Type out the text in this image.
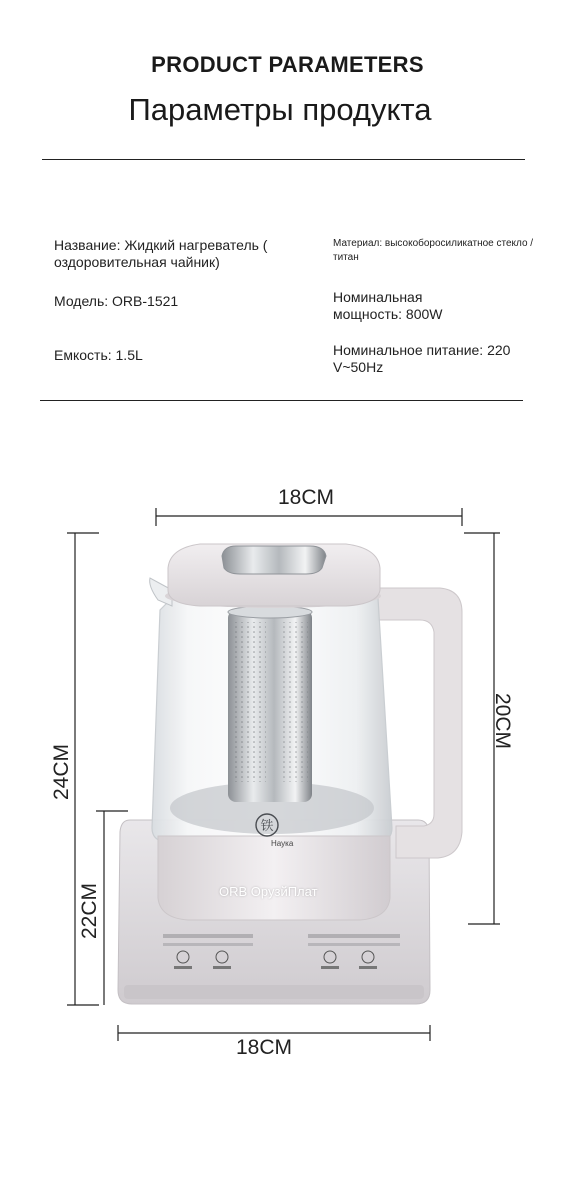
PRODUCT PARAMETERS
Параметры продукта
Название: Жидкий нагреватель ( оздоровительная чайник)
Модель: ORB-1521
Емкость: 1.5L
Материал: высокоборосиликатное стекло / титан
Номинальная мощность: 800W
Номинальное питание: 220 V~50Hz
铁
Наука
ORB ОрузйПлат
18CM
18CM
24CM
22CM
20CM
